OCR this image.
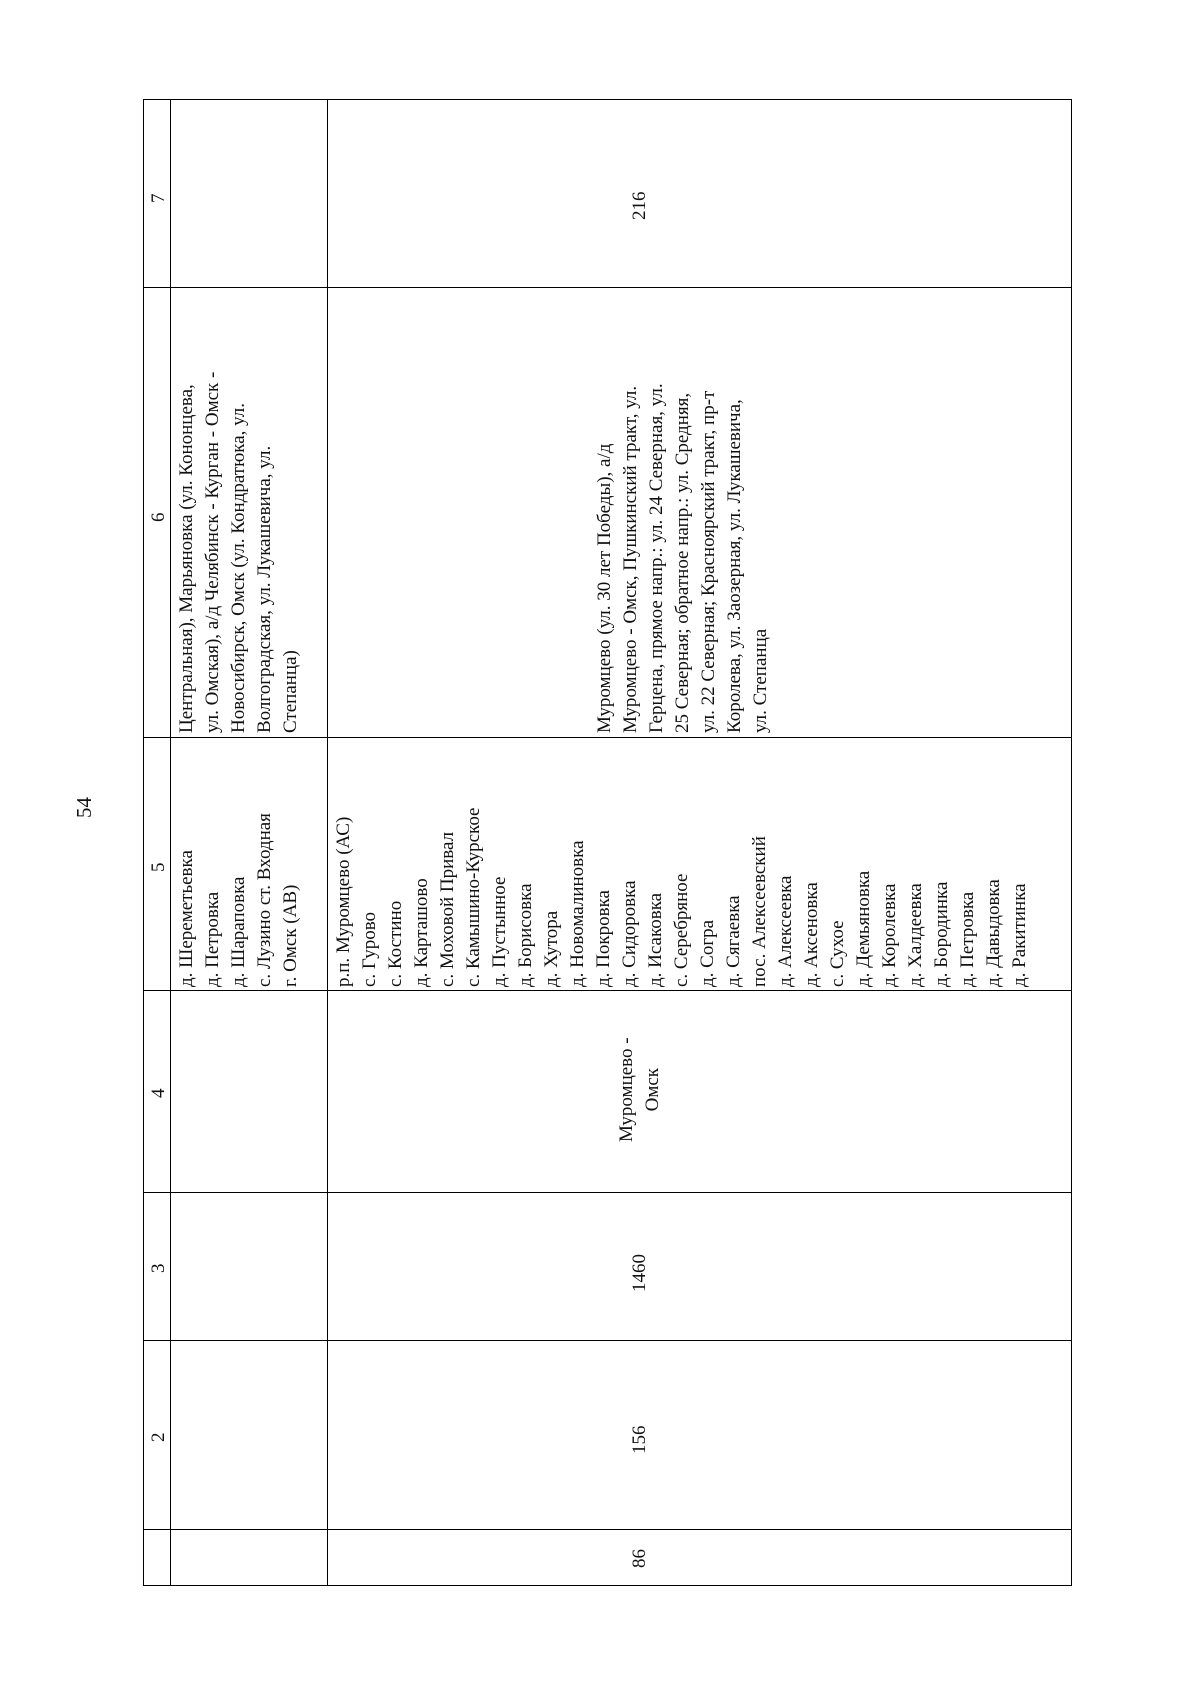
54
7
6
5
4
3
2
д. Шереметьевка д. Петровка д. Шараповка с. Лузино ст. Входная г. Омск (АВ)
Центральная), Марьяновка (ул. Кононцева, ул. Омская), а/д Челябинск - Курган - Омск - Новосибирск, Омск (ул. Кондратюка, ул. Волгоградская, ул. Лукашевича, ул. Степанца)
86
156
1460
Муромцево - Омск
р.п. Муромцево (АС) с. Гурово с. Костино д. Карташово с. Моховой Привал с. Камышино-Курское д. Пустынное д. Борисовка д. Хутора д. Новомалиновка д. Покровка д. Сидоровка д. Исаковка с. Серебряное д. Согра д. Сягаевка пос. Алексеевский д. Алексеевка д. Аксеновка с. Сухое д. Демьяновка д. Королевка д. Халдеевка д. Бородинка д. Петровка д. Давыдовка д. Ракитинка
Муромцево (ул. 30 лет Победы), а/д Муромцево - Омск, Пушкинский тракт, ул. Герцена, прямое напр.: ул. 24 Северная, ул. 25 Северная; обратное напр.: ул. Средняя, ул. 22 Северная; Красноярский тракт, пр-т Королева, ул. Заозерная, ул. Лукашевича, ул. Степанца
216
